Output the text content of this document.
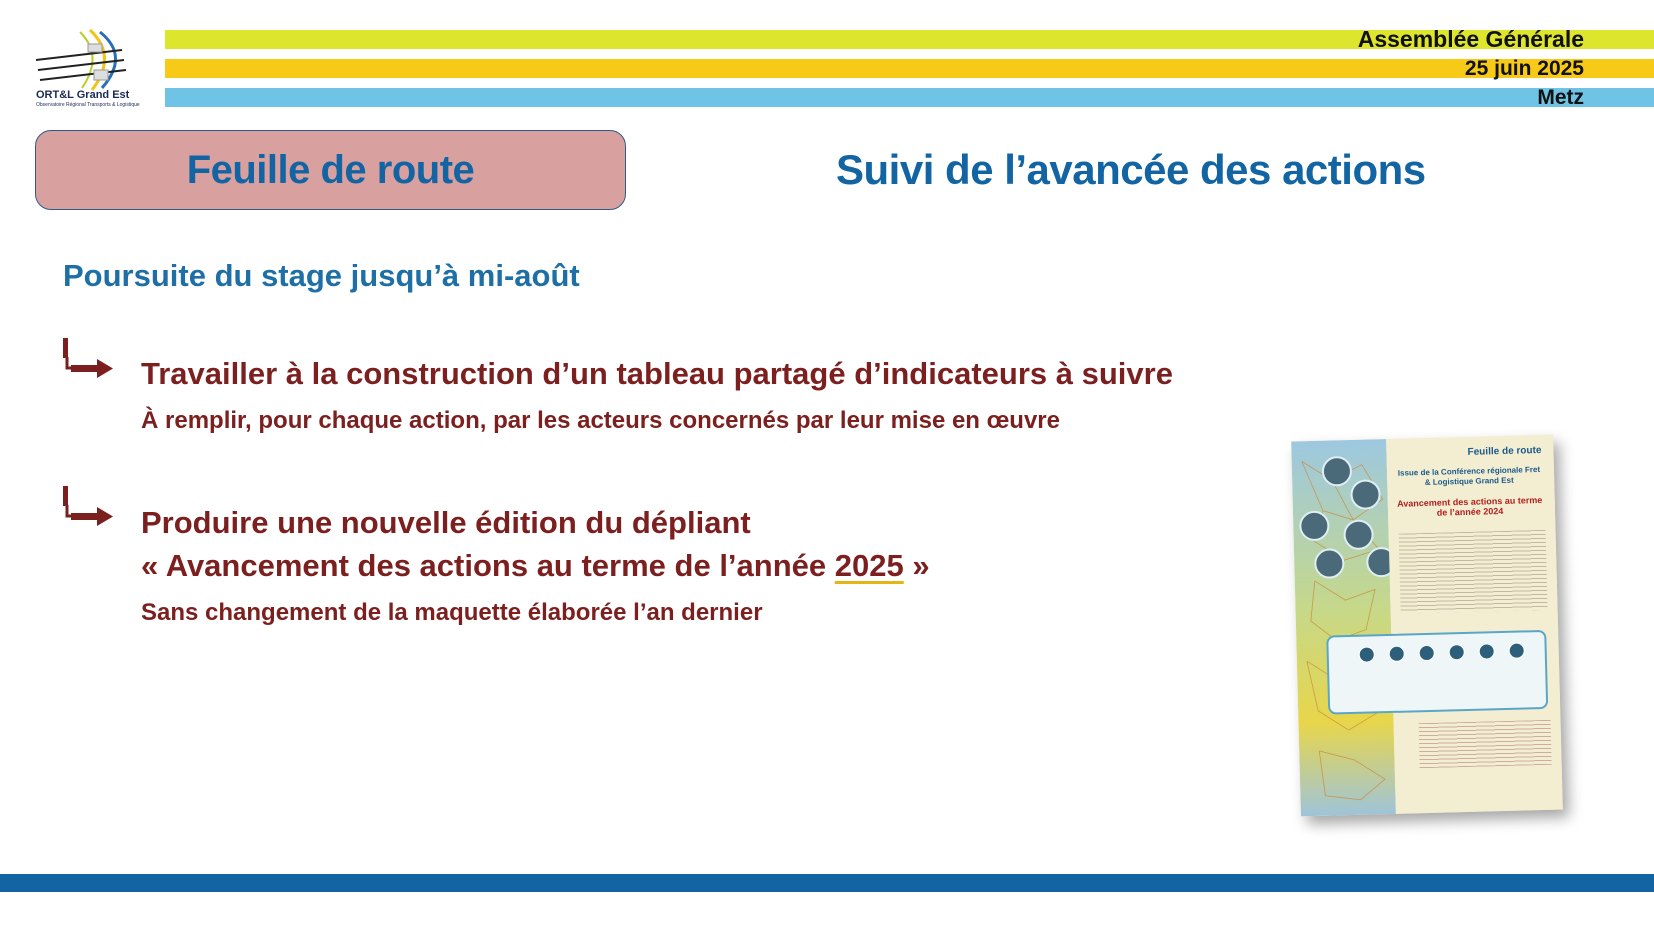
Assemblée Générale
25 juin 2025
Metz
ORT&L Grand Est
Observatoire Régional Transports & Logistique
Feuille de route	Suivi de l’avancée des actions
Poursuite du stage jusqu’à mi-août
Travailler à la construction d’un tableau partagé d’indicateurs à suivre
À remplir, pour chaque action, par les acteurs concernés par leur mise en œuvre
Produire une nouvelle édition du dépliant
« Avancement des actions au terme de l’année 2025 »
Sans changement de la maquette élaborée l’an dernier
Feuille de route
Issue de la Conférence régionale Fret & Logistique Grand Est
Avancement des actions au terme de l’année 2024
